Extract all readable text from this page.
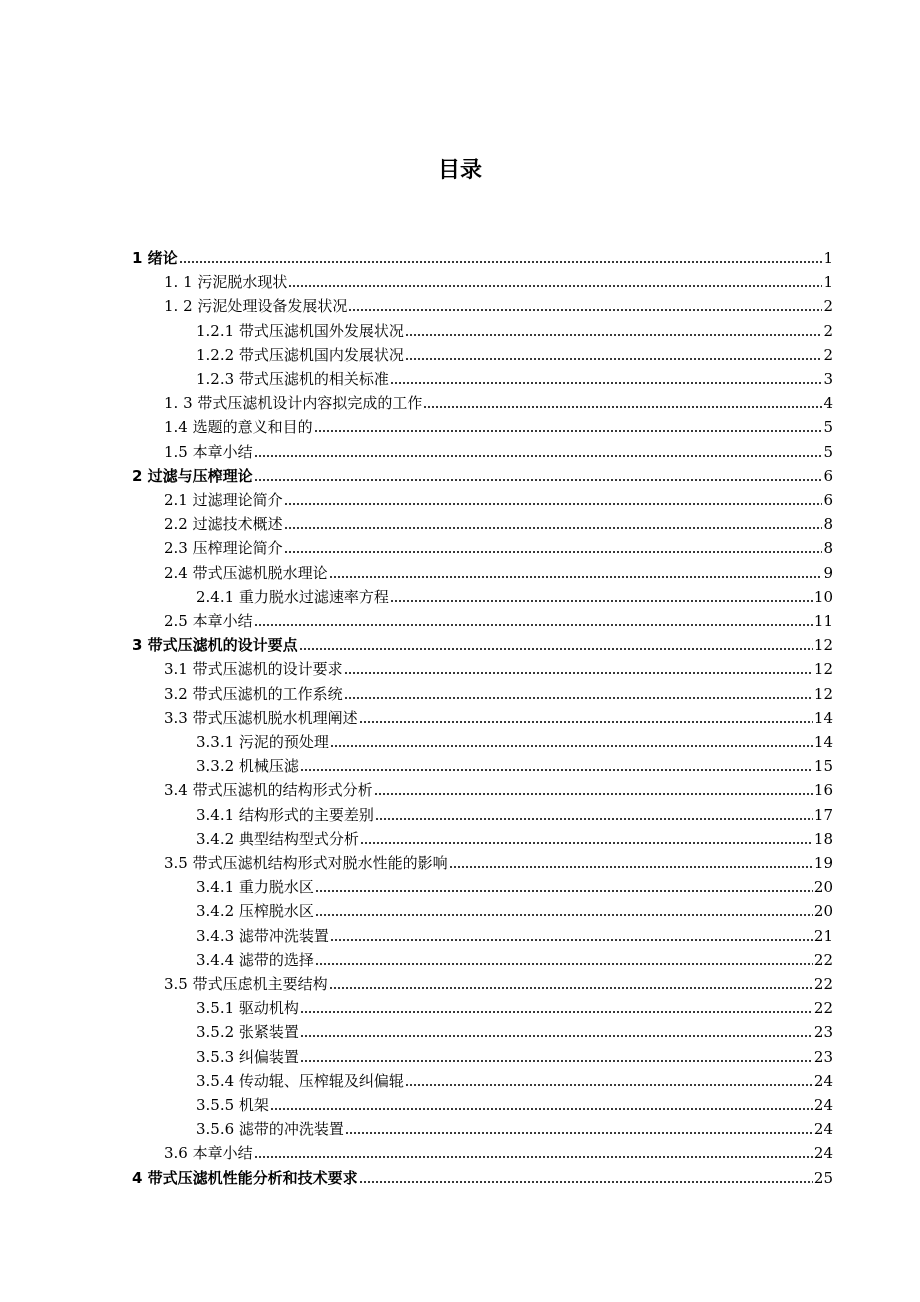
目录
1 绪论	1
1. 1 污泥脱水现状	1
1. 2 污泥处理设备发展状况	2
1.2.1 带式压滤机国外发展状况	2
1.2.2 带式压滤机国内发展状况	2
1.2.3 带式压滤机的相关标准	3
1. 3 带式压滤机设计内容拟完成的工作	4
1.4 选题的意义和目的	5
1.5 本章小结	5
2 过滤与压榨理论	6
2.1 过滤理论简介	6
2.2 过滤技术概述	8
2.3 压榨理论简介	8
2.4 带式压滤机脱水理论	9
2.4.1 重力脱水过滤速率方程	10
2.5 本章小结	11
3 带式压滤机的设计要点	12
3.1 带式压滤机的设计要求	12
3.2 带式压滤机的工作系统	12
3.3 带式压滤机脱水机理阐述	14
3.3.1 污泥的预处理	14
3.3.2 机械压滤	15
3.4 带式压滤机的结构形式分析	16
3.4.1 结构形式的主要差别	17
3.4.2 典型结构型式分析	18
3.5 带式压滤机结构形式对脱水性能的影响	19
3.4.1 重力脱水区	20
3.4.2 压榨脱水区	20
3.4.3 滤带冲洗装置	21
3.4.4 滤带的选择	22
3.5 带式压虑机主要结构	22
3.5.1 驱动机构	22
3.5.2 张紧装置	23
3.5.3 纠偏装置	23
3.5.4 传动辊、压榨辊及纠偏辊	24
3.5.5 机架	24
3.5.6 滤带的冲洗装置	24
3.6 本章小结	24
4 带式压滤机性能分析和技术要求	25
